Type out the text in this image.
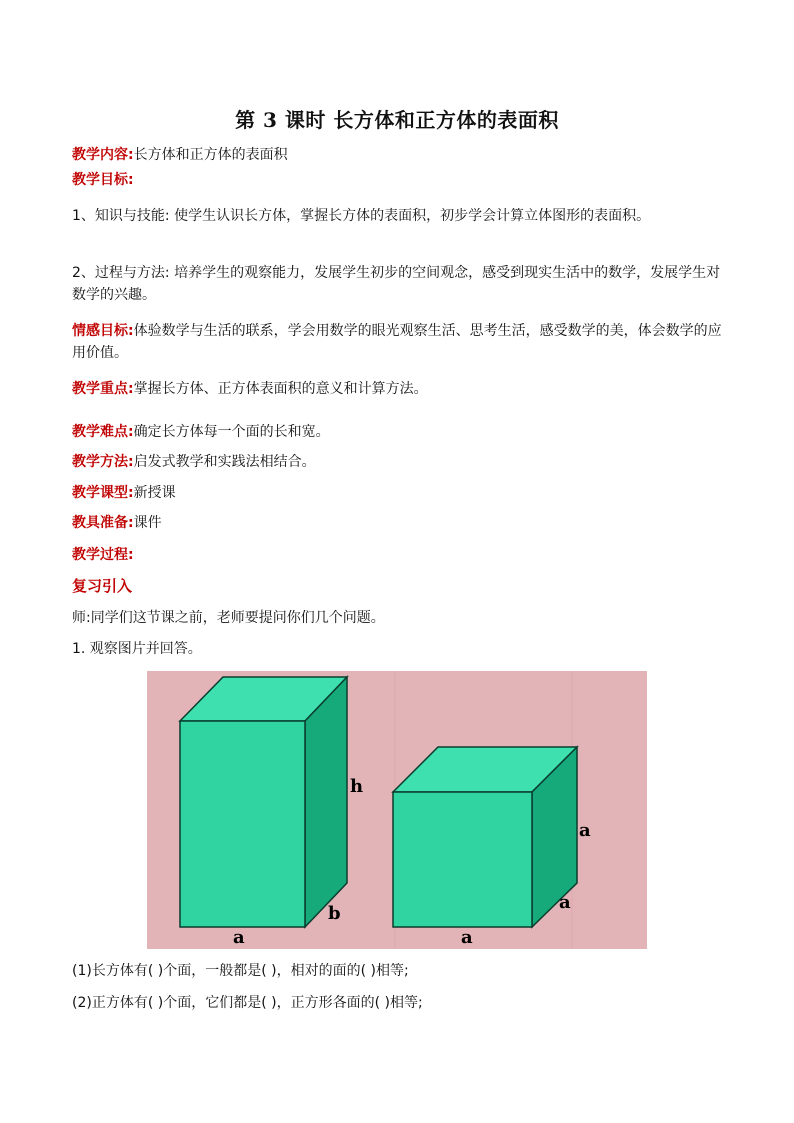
第 3 课时 长方体和正方体的表面积
教学内容:长方体和正方体的表面积
教学目标:
1、知识与技能: 使学生认识长方体，掌握长方体的表面积，初步学会计算立体图形的表面积。
2、过程与方法: 培养学生的观察能力，发展学生初步的空间观念，感受到现实生活中的数学，发展学生对数学的兴趣。
情感目标:体验数学与生活的联系，学会用数学的眼光观察生活、思考生活，感受数学的美，体会数学的应用价值。
教学重点:掌握长方体、正方体表面积的意义和计算方法。
教学难点:确定长方体每一个面的长和宽。
教学方法:启发式教学和实践法相结合。
教学课型:新授课
教具准备:课件
教学过程:
复习引入
师:同学们这节课之前，老师要提问你们几个问题。
1. 观察图片并回答。
h
b
a
a
a
a
(1)长方体有( )个面，一般都是( )，相对的面的( )相等;
(2)正方体有( )个面，它们都是( )，正方形各面的( )相等;
